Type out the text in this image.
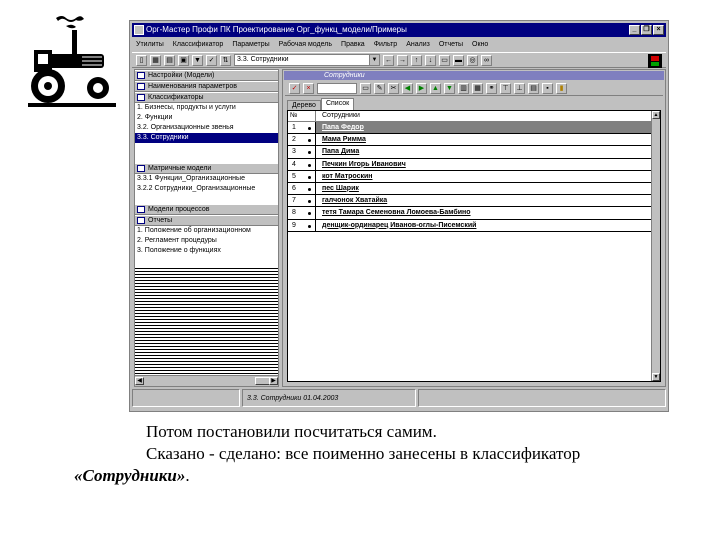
Орг-Мастер Профи ПК Проектирование Орг_функц_модели/Примеры	_ ❐ ×
Утилиты Классификатор Параметры Рабочая модель Правка Фильтр Анализ Отчеты Окно
▯	▦	▤	▣	▼	✓	⇅	3.3. Сотрудники	▼ ← →	↑	↓	▭	▬	◎	∞
Настройки (Модели)
Наименования параметров
Классификаторы
1. Бизнесы, продукты и услуги
2. Функции
3.2. Организационные звенья
3.3. Сотрудники
Матричные модели
3.3.1 Функции_Организационные
3.2.2 Сотрудники_Организационные
Модели процессов
Отчеты
1. Положение об организационном
2. Регламент процедуры
3. Положение о функциях
◀	▶
Сотрудники
✓	×	▭	✎	✂	◀	▶	▲ ▼	▥	▦	⚭	⊤	⊥	▤	▪	▮
Дерево	Список
№	Сотрудники
1	Папа Федор
2	Мама Римма
3	Папа Дима
4	Печкин Игорь Иванович
5	кот Матроскин
6	пес Шарик
7	галчонок Хватайка
8	тетя Тамара Семеновна Ломоева-Бамбино
9	денщик-ординарец Иванов-оглы-Писемский
▲
▼
3.3. Сотрудники 01.04.2003
Потом постановили посчитаться самим.
Сказано - сделано: все поименно занесены в классификатор
«Сотрудники».
